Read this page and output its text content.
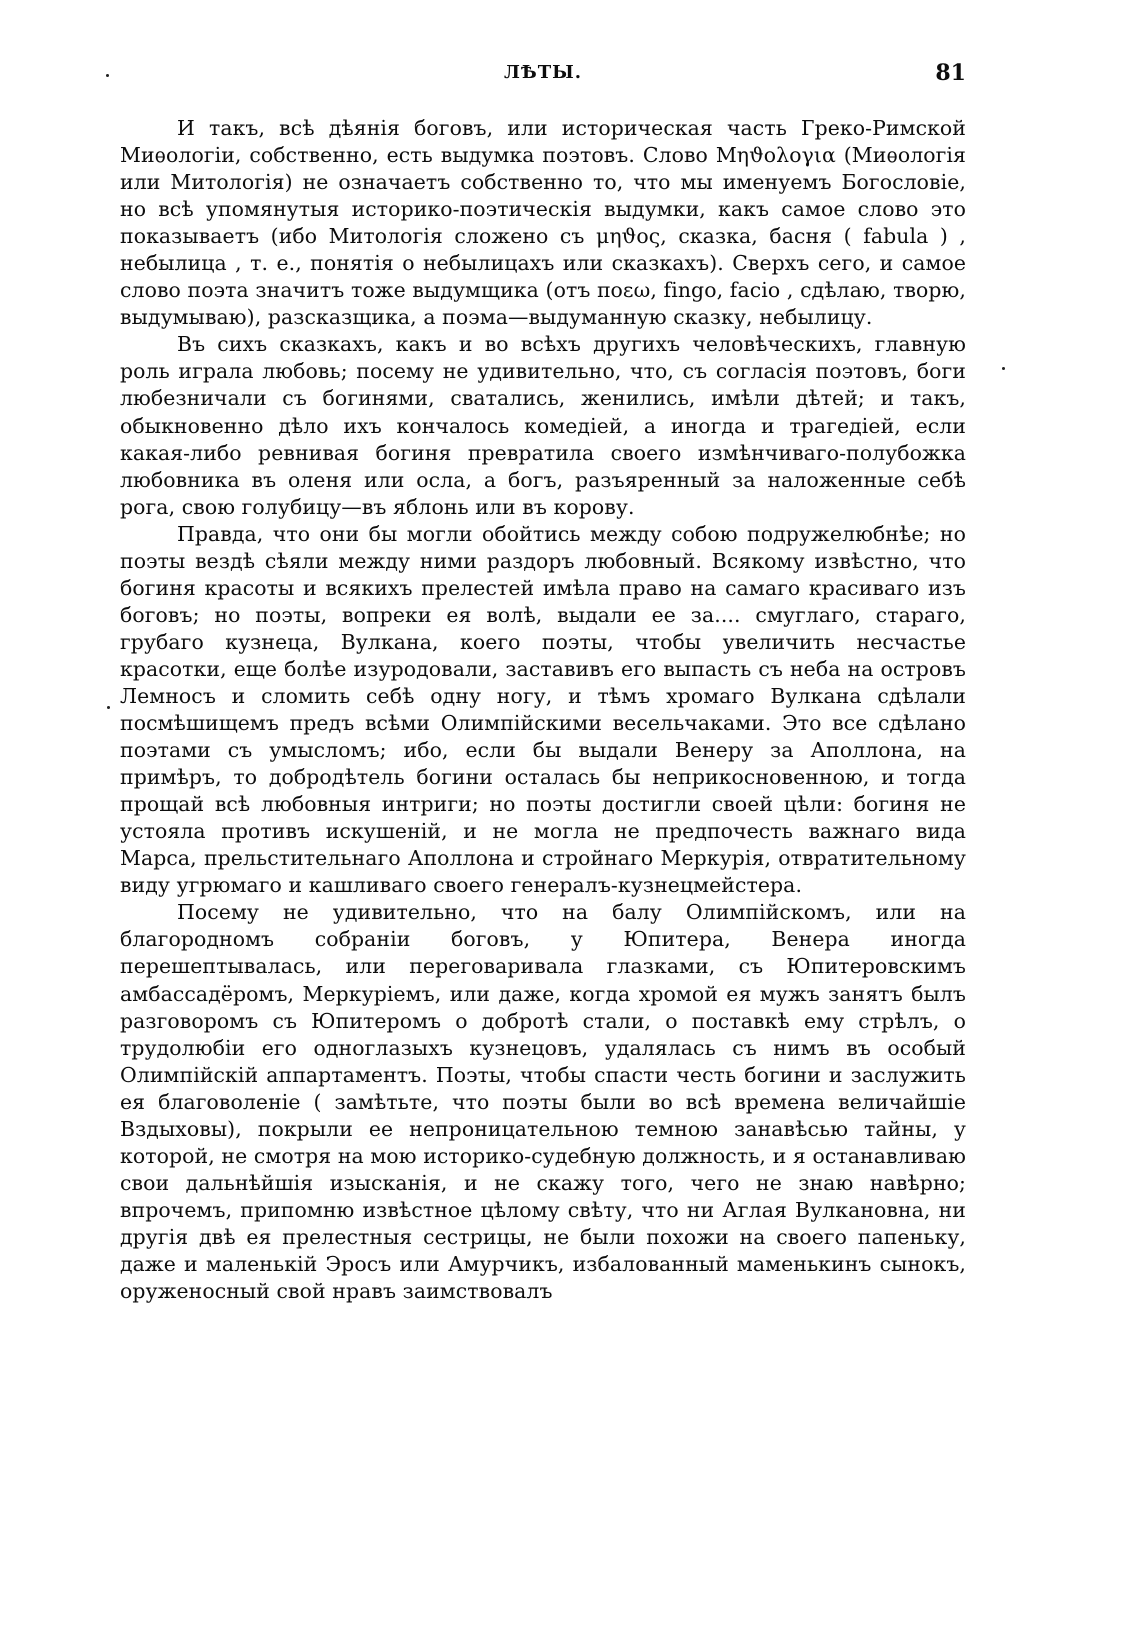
ЛѢТЫ.	81

И такъ, всѣ дѣянія боговъ, или историческая часть Греко-Римской Миѳологіи, собственно, есть выдумка поэтовъ. Слово Μηϑολογια (Миѳологія или Митологія) не означаетъ собственно то, что мы именуемъ Богословіе, но всѣ упомянутыя историко-поэтическія выдумки, какъ самое слово это показываетъ (ибо Митологія сложено съ μηϑος, сказка, басня ( fabula ) , небылица , т. е., понятія о небылицахъ или сказкахъ). Сверхъ сего, и самое слово поэта значитъ тоже выдумщика (отъ ποεω, fingo, facio , сдѣлаю, творю, выдумываю), разсказщика, а поэма—выдуманную сказку, небылицу.

Въ сихъ сказкахъ, какъ и во всѣхъ другихъ человѣческихъ, главную роль играла любовь; посему не удивительно, что, съ согласія поэтовъ, боги любезничали съ богинями, сватались, женились, имѣли дѣтей; и такъ, обыкновенно дѣло ихъ кончалось комедіей, а иногда и трагедіей, если какая-либо ревнивая богиня превратила своего измѣнчиваго-полубожка любовника въ оленя или осла, а богъ, разъяренный за наложенные себѣ рога, свою голубицу—въ яблонь или въ корову.

Правда, что они бы могли обойтись между собою подружелюбнѣе; но поэты вездѣ сѣяли между ними раздоръ любовный. Всякому извѣстно, что богиня красоты и всякихъ прелестей имѣла право на самаго красиваго изъ боговъ; но поэты, вопреки ея волѣ, выдали ее за.... смуглаго, стараго, грубаго кузнеца, Вулкана, коего поэты, чтобы увеличить несчастье красотки, еще болѣе изуродовали, заставивъ его выпасть съ неба на островъ Лемносъ и сломить себѣ одну ногу, и тѣмъ хромаго Вулкана сдѣлали посмѣшищемъ предъ всѣми Олимпійскими весельчаками. Это все сдѣлано поэтами съ умысломъ; ибо, если бы выдали Венеру за Аполлона, на примѣръ, то добродѣтель богини осталась бы неприкосновенною, и тогда прощай всѣ любовныя интриги; но поэты достигли своей цѣли: богиня не устояла противъ искушеній, и не могла не предпочесть важнаго вида Марса, прельстительнаго Аполлона и стройнаго Меркурія, отвратительному виду угрюмаго и кашливаго своего генералъ-кузнецмейстера.

Посему не удивительно, что на балу Олимпійскомъ, или на благородномъ собраніи боговъ, у Юпитера, Венера иногда перешептывалась, или переговаривала глазками, съ Юпитеровскимъ амбассадёромъ, Меркуріемъ, или даже, когда хромой ея мужъ занятъ былъ разговоромъ съ Юпитеромъ о добротѣ стали, о поставкѣ ему стрѣлъ, о трудолюбіи его одноглазыхъ кузнецовъ, удалялась съ нимъ въ особый Олимпійскій аппартаментъ. Поэты, чтобы спасти честь богини и заслужить ея благоволеніе ( замѣтьте, что поэты были во всѣ времена величайшіе Вздыховы), покрыли ее непроницательною темною занавѣсью тайны, у которой, не смотря на мою историко-судебную должность, и я останавливаю свои дальнѣйшія изысканія, и не скажу того, чего не знаю навѣрно; впрочемъ, припомню извѣстное цѣлому свѣту, что ни Аглая Вулкановна, ни другія двѣ ея прелестныя сестрицы, не были похожи на своего папеньку, даже и маленькій Эросъ или Амурчикъ, избалованный маменькинъ сынокъ, оруженосный свой нравъ заимствовалъ
